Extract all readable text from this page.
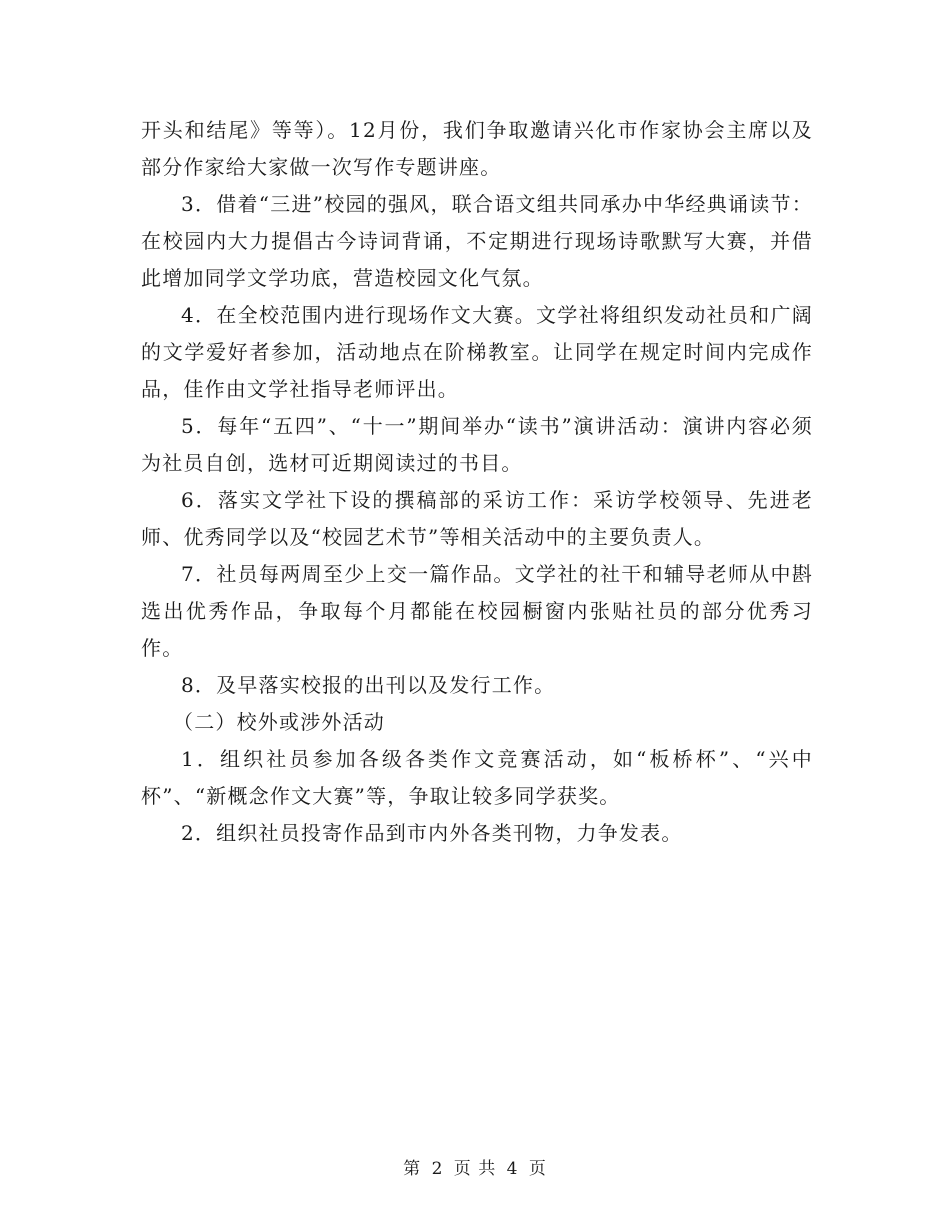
开头和结尾》等等）。12月份，我们争取邀请兴化市作家协会主席以及部分作家给大家做一次写作专题讲座。

3．借着“三进”校园的强风，联合语文组共同承办中华经典诵读节：在校园内大力提倡古今诗词背诵，不定期进行现场诗歌默写大赛，并借此增加同学文学功底，营造校园文化气氛。

4．在全校范围内进行现场作文大赛。文学社将组织发动社员和广阔的文学爱好者参加，活动地点在阶梯教室。让同学在规定时间内完成作品，佳作由文学社指导老师评出。

5．每年“五四”、“十一”期间举办“读书”演讲活动：演讲内容必须为社员自创，选材可近期阅读过的书目。

6．落实文学社下设的撰稿部的采访工作：采访学校领导、先进老师、优秀同学以及“校园艺术节”等相关活动中的主要负责人。

7．社员每两周至少上交一篇作品。文学社的社干和辅导老师从中斟选出优秀作品，争取每个月都能在校园橱窗内张贴社员的部分优秀习作。

8．及早落实校报的出刊以及发行工作。

（二）校外或涉外活动

1．组织社员参加各级各类作文竞赛活动，如“板桥杯”、“兴中杯”、“新概念作文大赛”等，争取让较多同学获奖。

2．组织社员投寄作品到市内外各类刊物，力争发表。

第 2 页 共 4 页
